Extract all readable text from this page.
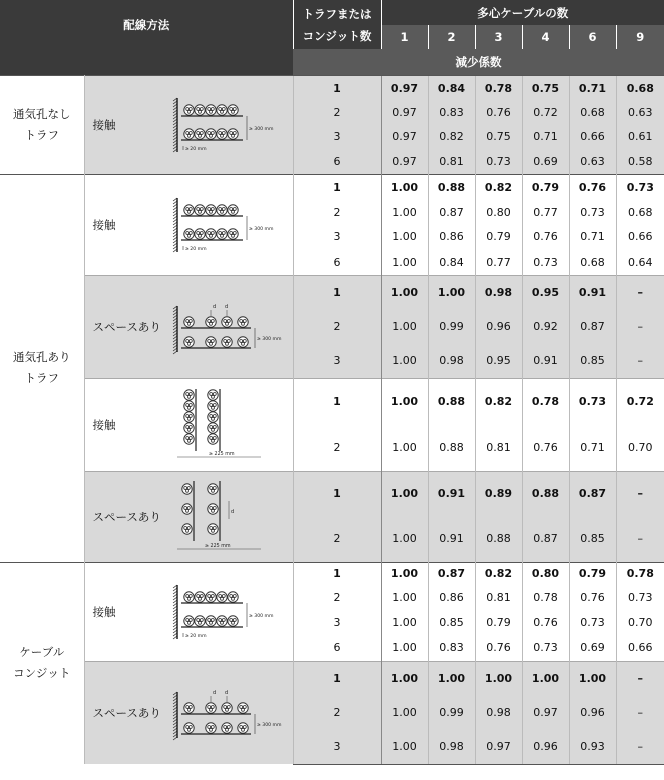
配線方法		トラフまたは
コンジット数	多心ケーブルの数					
			1	2	3	4	6	9
		減少係数						
通気孔なし
トラフ	接触 ≥ 300 mm
≥ 20 mm	1	0.97	0.84	0.78	0.75	0.71	0.68
		2	0.97	0.83	0.76	0.72	0.68	0.63
		3	0.97	0.82	0.75	0.71	0.66	0.61
		6	0.97	0.81	0.73	0.69	0.63	0.58
通気孔あり
トラフ	接触 ≥ 300 mm
≥ 20 mm	1	1.00	0.88	0.82	0.79	0.76	0.73
		2	1.00	0.87	0.80	0.77	0.73	0.68
		3	1.00	0.86	0.79	0.76	0.71	0.66
		6	1.00	0.84	0.77	0.73	0.68	0.64

	スペースあり
d d
≥ 300 mm	1	1.00	1.00	0.98	0.95	0.91	–
		2	1.00	0.99	0.96	0.92	0.87	–
		3	1.00	0.98	0.95	0.91	0.85	–

	接触
≥ 225 mm	1	1.00	0.88	0.82	0.78	0.73	0.72
		2	1.00	0.88	0.81	0.76	0.71	0.70

	スペースあり d
≥ 225 mm	1	1.00	0.91	0.89	0.88	0.87	–
		2	1.00	0.91	0.88	0.87	0.85	–
ケーブル
コンジット	接触 ≥ 300 mm
≥ 20 mm	1	1.00	0.87	0.82	0.80	0.79	0.78
		2	1.00	0.86	0.81	0.78	0.76	0.73
		3	1.00	0.85	0.79	0.76	0.73	0.70
		6	1.00	0.83	0.76	0.73	0.69	0.66

	スペースあり
d d
≥ 300 mm	1	1.00	1.00	1.00	1.00	1.00	–
		2	1.00	0.99	0.98	0.97	0.96	–
		3	1.00	0.98	0.97	0.96	0.93	–
